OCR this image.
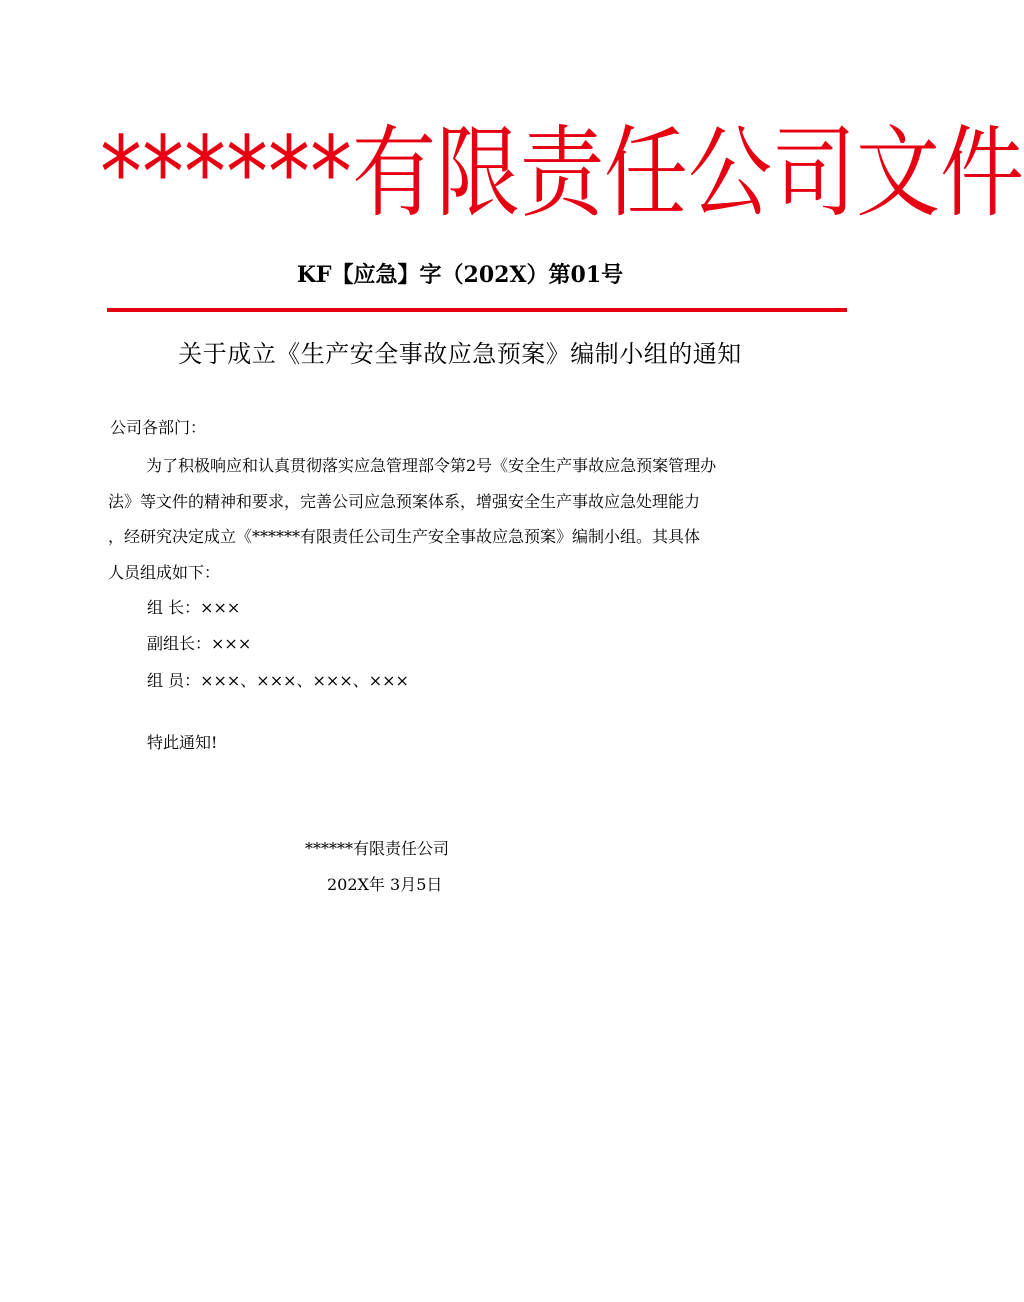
******有限责任公司文件
KF【应急】字（202X）第01号
关于成立《生产安全事故应急预案》编制小组的通知
公司各部门：
为了积极响应和认真贯彻落实应急管理部令第2号《安全生产事故应急预案管理办
法》等文件的精神和要求，完善公司应急预案体系，增强安全生产事故应急处理能力
，经研究决定成立《******有限责任公司生产安全事故应急预案》编制小组。其具体
人员组成如下：
组 长：×××
副组长：×××
组 员：×××、×××、×××、×××
特此通知!
******有限责任公司
202X年 3月5日
